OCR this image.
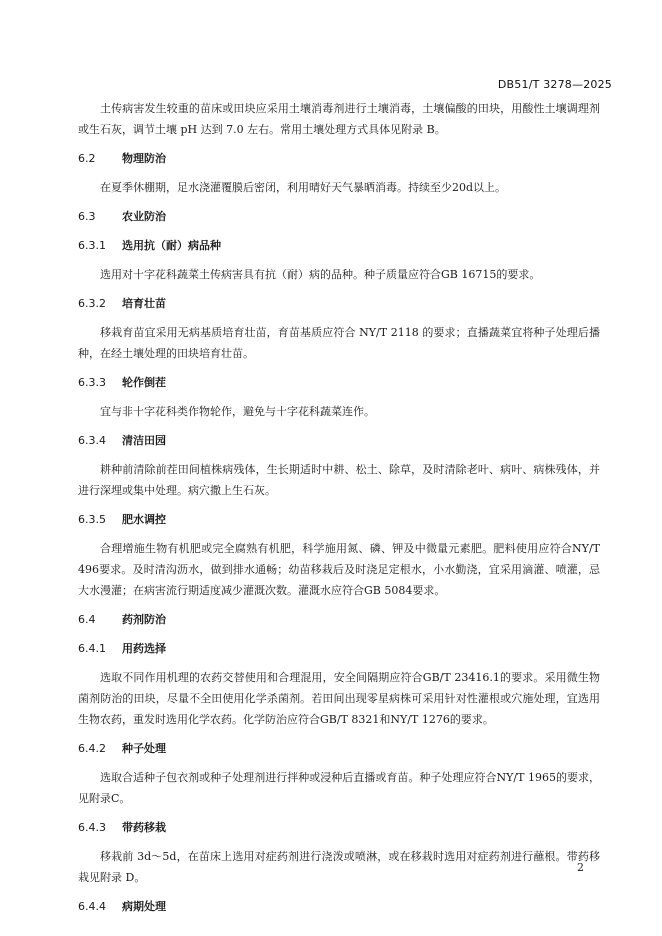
DB51/T 3278—2025

土传病害发生较重的苗床或田块应采用土壤消毒剂进行土壤消毒，土壤偏酸的田块，用酸性土壤调理剂或生石灰，调节土壤 pH 达到 7.0 左右。常用土壤处理方式具体见附录 B。

6.2 物理防治

在夏季休棚期，足水浇灌覆膜后密闭，利用晴好天气暴晒消毒。持续至少20d以上。

6.3 农业防治

6.3.1 选用抗（耐）病品种

选用对十字花科蔬菜土传病害具有抗（耐）病的品种。种子质量应符合GB 16715的要求。

6.3.2 培育壮苗

移栽育苗宜采用无病基质培育壮苗，育苗基质应符合 NY/T 2118 的要求；直播蔬菜宜将种子处理后播种，在经土壤处理的田块培育壮苗。

6.3.3 轮作倒茬

宜与非十字花科类作物轮作，避免与十字花科蔬菜连作。

6.3.4 清洁田园

耕种前清除前茬田间植株病残体，生长期适时中耕、松土、除草，及时清除老叶、病叶、病株残体，并进行深埋或集中处理。病穴撒上生石灰。

6.3.5 肥水调控

合理增施生物有机肥或完全腐熟有机肥，科学施用氮、磷、钾及中微量元素肥。肥料使用应符合NY/T 496要求。及时清沟沥水，做到排水通畅；幼苗移栽后及时浇足定根水，小水勤浇，宜采用滴灌、喷灌，忌大水漫灌；在病害流行期适度减少灌溉次数。灌溉水应符合GB 5084要求。

6.4 药剂防治

6.4.1 用药选择

选取不同作用机理的农药交替使用和合理混用，安全间隔期应符合GB/T 23416.1的要求。采用微生物菌剂防治的田块，尽量不全田使用化学杀菌剂。若田间出现零星病株可采用针对性灌根或穴施处理，宜选用生物农药，重发时选用化学农药。化学防治应符合GB/T 8321和NY/T 1276的要求。

6.4.2 种子处理

选取合适种子包衣剂或种子处理剂进行拌种或浸种后直播或育苗。种子处理应符合NY/T 1965的要求，见附录C。

6.4.3 带药移栽

移栽前 3d～5d，在苗床上选用对症药剂进行浇泼或喷淋，或在移栽时选用对症药剂进行蘸根。带药移栽见附录 D。

6.4.4 病期处理

2
